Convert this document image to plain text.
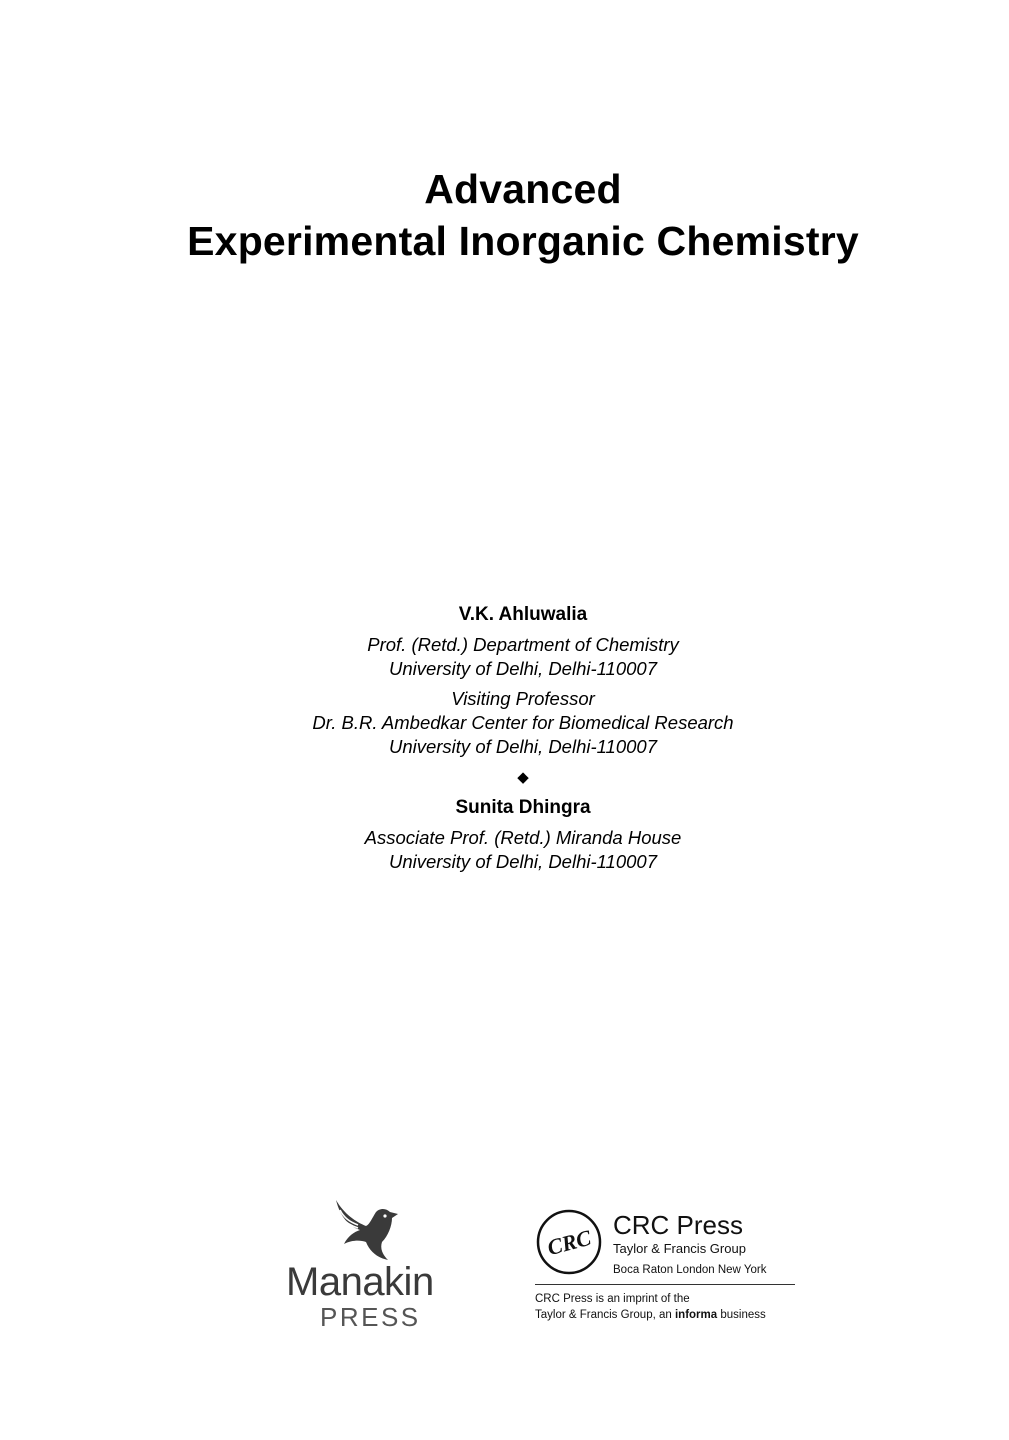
Advanced
Experimental Inorganic Chemistry
V.K. Ahluwalia
Prof. (Retd.) Department of Chemistry
University of Delhi, Delhi-110007
Visiting Professor
Dr. B.R. Ambedkar Center for Biomedical Research
University of Delhi, Delhi-110007
◆
Sunita Dhingra
Associate Prof. (Retd.) Miranda House
University of Delhi, Delhi-110007
Manakin
PRESS
CRC CRC Press
Taylor & Francis Group
Boca Raton London New York
CRC Press is an imprint of the
Taylor & Francis Group, an informa business
